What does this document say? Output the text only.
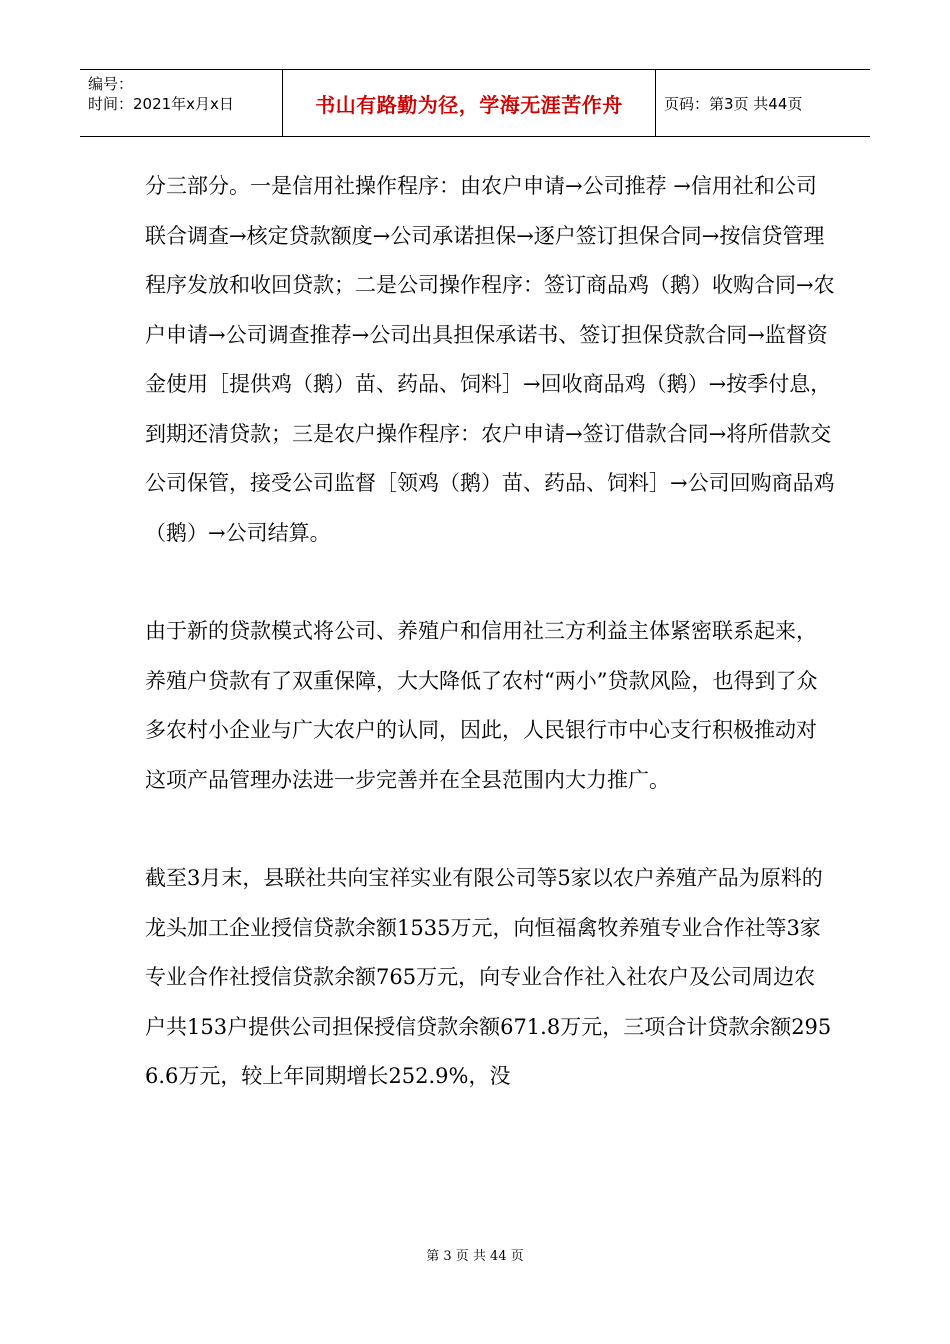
编号：
时间：2021年x月x日	书山有路勤为径，学海无涯苦作舟	页码：第3页 共44页

分三部分。一是信用社操作程序：由农户申请→公司推荐 →信用社和公司联合调查→核定贷款额度→公司承诺担保→逐户签订担保合同→按信贷管理程序发放和收回贷款；二是公司操作程序：签订商品鸡（鹅）收购合同→农户申请→公司调查推荐→公司出具担保承诺书、签订担保贷款合同→监督资金使用［提供鸡（鹅）苗、药品、饲料］→回收商品鸡（鹅）→按季付息，到期还清贷款；三是农户操作程序：农户申请→签订借款合同→将所借款交公司保管，接受公司监督［领鸡（鹅）苗、药品、饲料］→公司回购商品鸡（鹅）→公司结算。

由于新的贷款模式将公司、养殖户和信用社三方利益主体紧密联系起来，养殖户贷款有了双重保障，大大降低了农村“两小”贷款风险，也得到了众多农村小企业与广大农户的认同，因此，人民银行市中心支行积极推动对这项产品管理办法进一步完善并在全县范围内大力推广。

截至3月末，县联社共向宝祥实业有限公司等5家以农户养殖产品为原料的龙头加工企业授信贷款余额1535万元，向恒福禽牧养殖专业合作社等3家专业合作社授信贷款余额765万元，向专业合作社入社农户及公司周边农户共153户提供公司担保授信贷款余额671.8万元，三项合计贷款余额2956.6万元，较上年同期增长252.9%，没

第 3 页 共 44 页
